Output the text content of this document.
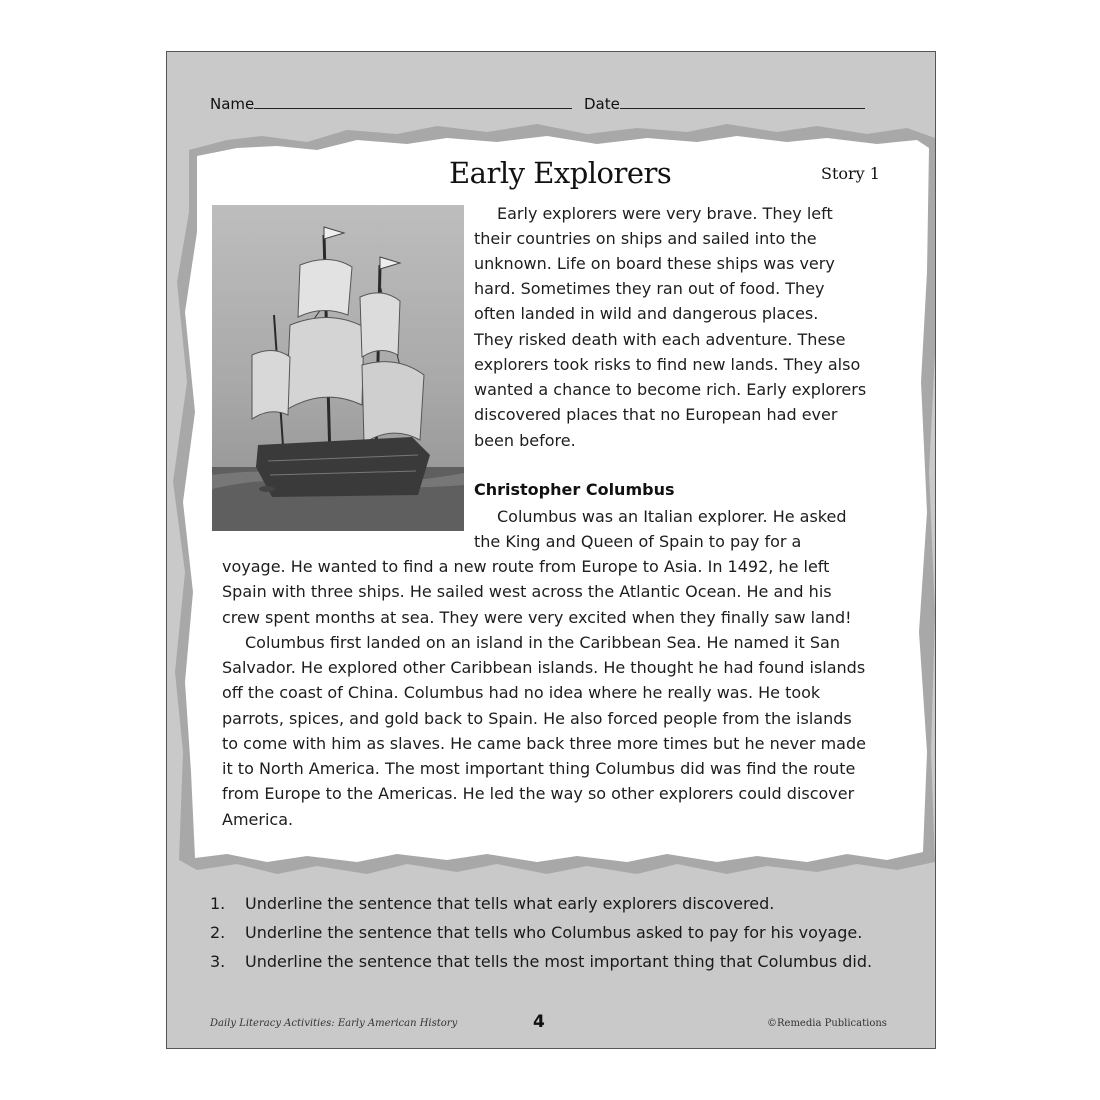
Name	Date
Early Explorers	Story 1

Early explorers were very brave. They left

their countries on ships and sailed into the

unknown. Life on board these ships was very

hard. Sometimes they ran out of food. They

often landed in wild and dangerous places.

They risked death with each adventure. These

explorers took risks to find new lands. They also

wanted a chance to become rich. Early explorers

discovered places that no European had ever

been before.

Christopher Columbus

Columbus was an Italian explorer. He asked

the King and Queen of Spain to pay for a

voyage. He wanted to find a new route from Europe to Asia. In 1492, he left

Spain with three ships. He sailed west across the Atlantic Ocean. He and his

crew spent months at sea. They were very excited when they finally saw land!

Columbus first landed on an island in the Caribbean Sea. He named it San

Salvador. He explored other Caribbean islands. He thought he had found islands

off the coast of China. Columbus had no idea where he really was. He took

parrots, spices, and gold back to Spain. He also forced people from the islands

to come with him as slaves. He came back three more times but he never made

it to North America. The most important thing Columbus did was find the route

from Europe to the Americas. He led the way so other explorers could discover

America.

1. Underline the sentence that tells what early explorers discovered.
2. Underline the sentence that tells who Columbus asked to pay for his voyage.
3. Underline the sentence that tells the most important thing that Columbus did.
Daily Literacy Activities: Early American History	4	©Remedia Publications
